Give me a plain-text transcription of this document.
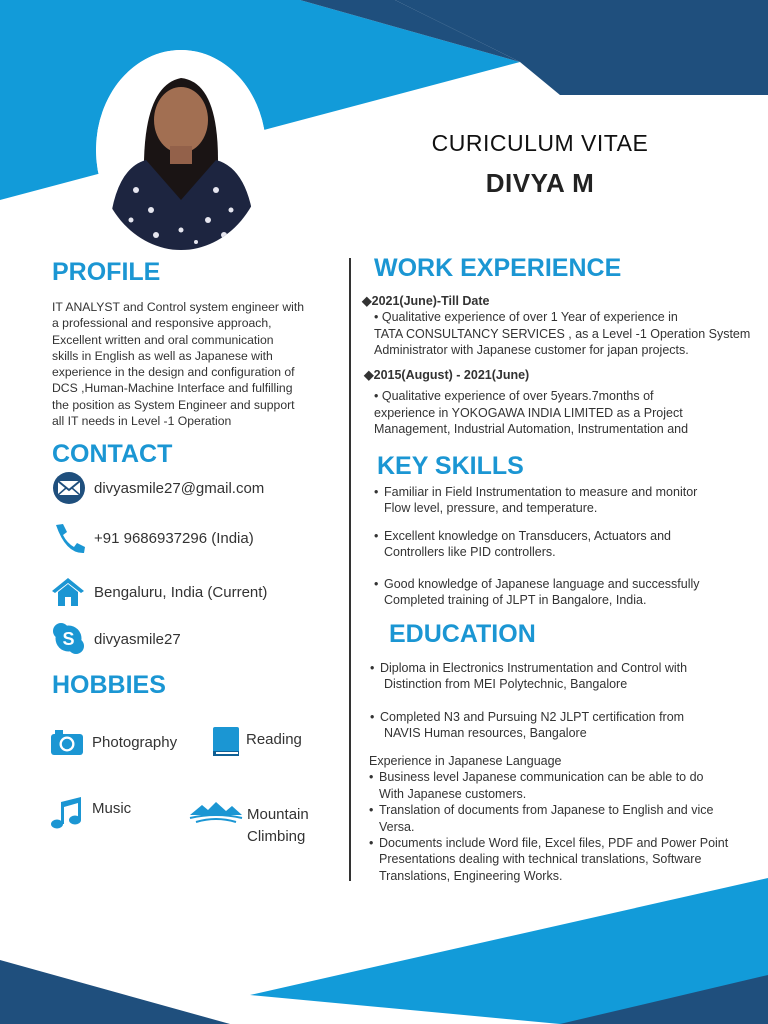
CURICULUM VITAE
DIVYA M
PROFILE
IT ANALYST and Control system engineer with
a professional and responsive approach,
Excellent written and oral communication
skills in English as well as Japanese with
experience in the design and configuration of
DCS ,Human-Machine Interface and fulfilling
the position as System Engineer and support
all IT needs in Level -1 Operation
CONTACT
divyasmile27@gmail.com
+91 9686937296 (India)
Bengaluru, India (Current)
S divyasmile27
HOBBIES
Photography	Reading
Music	Mountain
Climbing
WORK EXPERIENCE
◆2021(June)-Till Date
• Qualitative experience of over 1 Year of experience in
TATA CONSULTANCY SERVICES , as a Level -1 Operation System
Administrator with Japanese customer for japan projects.
◆2015(August) - 2021(June)
• Qualitative experience of over 5years.7months of
experience in YOKOGAWA INDIA LIMITED as a Project
Management, Industrial Automation, Instrumentation and
KEY SKILLS
• Familiar in Field Instrumentation to measure and monitor
Flow level, pressure, and temperature.
• Excellent knowledge on Transducers, Actuators and
Controllers like PID controllers.
• Good knowledge of Japanese language and successfully
Completed training of JLPT in Bangalore, India.
EDUCATION
• Diploma in Electronics Instrumentation and Control with
Distinction from MEI Polytechnic, Bangalore
• Completed N3 and Pursuing N2 JLPT certification from
NAVIS Human resources, Bangalore
Experience in Japanese Language
• Business level Japanese communication can be able to do
With Japanese customers.
• Translation of documents from Japanese to English and vice
Versa.
• Documents include Word file, Excel files, PDF and Power Point
Presentations dealing with technical translations, Software
Translations, Engineering Works.
